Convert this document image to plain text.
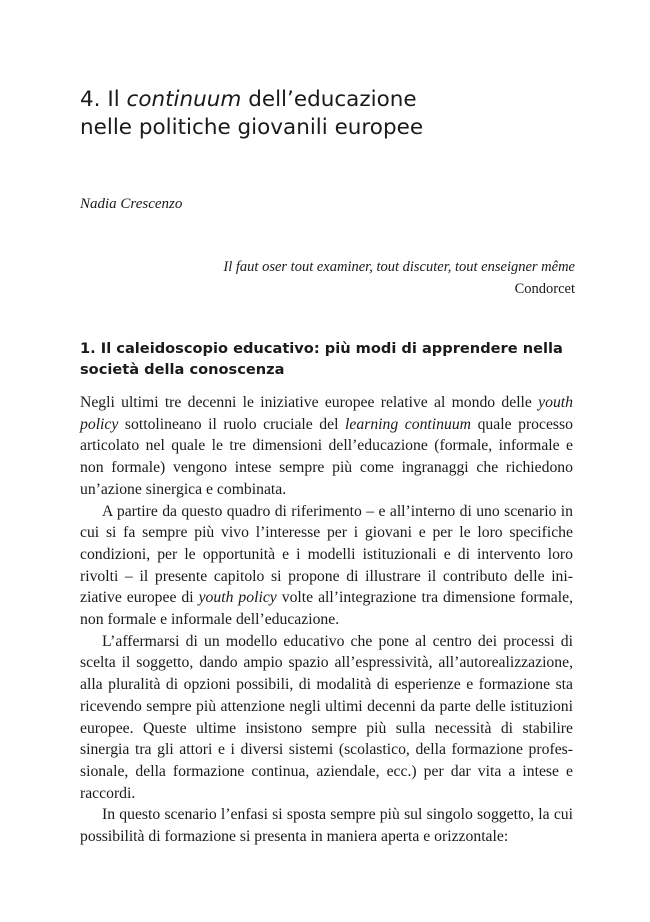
4. Il continuum dell’educazione
nelle politiche giovanili europee
Nadia Crescenzo
Il faut oser tout examiner, tout discuter, tout enseigner même
Condorcet
1. Il caleidoscopio educativo: più modi di apprendere nella società della conoscenza

Negli ultimi tre decenni le iniziative europee relative al mondo delle youth policy sottolineano il ruolo cruciale del learning continuum quale processo articolato nel quale le tre dimensioni dell’educazione (formale, informale e non formale) vengono intese sempre più come ingranaggi che richiedono un’azione sinergica e combinata.

A partire da questo quadro di riferimento – e all’interno di uno scenario in cui si fa sempre più vivo l’interesse per i giovani e per le loro specifiche condizioni, per le opportunità e i modelli istituzionali e di intervento loro rivolti – il presente capitolo si propone di illustrare il contributo delle iniziative europee di youth policy volte all’integrazione tra dimensione formale, non formale e informale dell’educazione.

L’affermarsi di un modello educativo che pone al centro dei processi di scelta il soggetto, dando ampio spazio all’espressività, all’autorealizzazione, alla pluralità di opzioni possibili, di modalità di esperienze e formazione sta ricevendo sempre più attenzione negli ultimi decenni da parte delle istituzioni europee. Queste ultime insistono sempre più sulla necessità di stabilire sinergia tra gli attori e i diversi sistemi (scolastico, della formazione professionale, della formazione continua, aziendale, ecc.) per dar vita a intese e raccordi.

In questo scenario l’enfasi si sposta sempre più sul singolo soggetto, la cui possibilità di formazione si presenta in maniera aperta e orizzontale:
